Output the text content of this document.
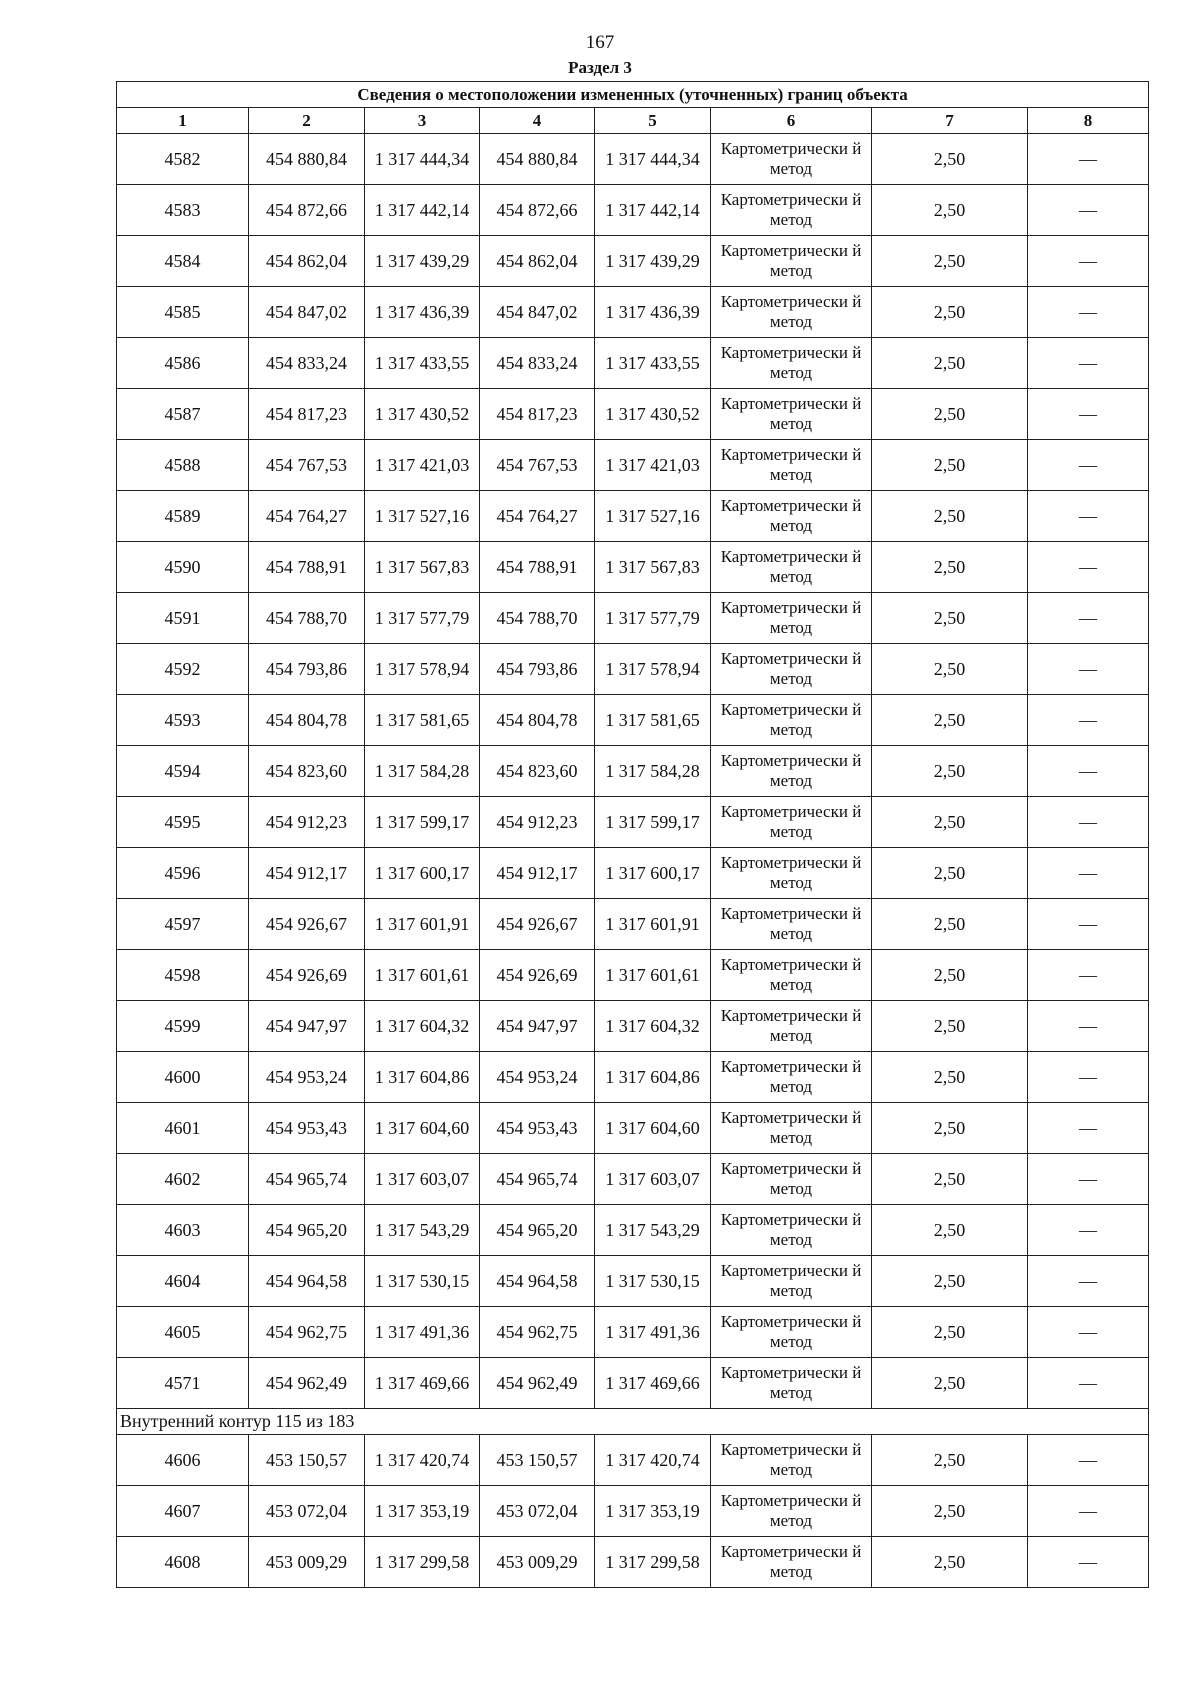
167
Раздел 3
Сведения о местоположении измененных (уточненных) границ объекта							
1	2	3	4	5	6	7	8
4582	454 880,84	1 317 444,34	454 880,84	1 317 444,34	Картометрически й метод	2,50	—
4583	454 872,66	1 317 442,14	454 872,66	1 317 442,14	Картометрически й метод	2,50	—
4584	454 862,04	1 317 439,29	454 862,04	1 317 439,29	Картометрически й метод	2,50	—
4585	454 847,02	1 317 436,39	454 847,02	1 317 436,39	Картометрически й метод	2,50	—
4586	454 833,24	1 317 433,55	454 833,24	1 317 433,55	Картометрически й метод	2,50	—
4587	454 817,23	1 317 430,52	454 817,23	1 317 430,52	Картометрически й метод	2,50	—
4588	454 767,53	1 317 421,03	454 767,53	1 317 421,03	Картометрически й метод	2,50	—
4589	454 764,27	1 317 527,16	454 764,27	1 317 527,16	Картометрически й метод	2,50	—
4590	454 788,91	1 317 567,83	454 788,91	1 317 567,83	Картометрически й метод	2,50	—
4591	454 788,70	1 317 577,79	454 788,70	1 317 577,79	Картометрически й метод	2,50	—
4592	454 793,86	1 317 578,94	454 793,86	1 317 578,94	Картометрически й метод	2,50	—
4593	454 804,78	1 317 581,65	454 804,78	1 317 581,65	Картометрически й метод	2,50	—
4594	454 823,60	1 317 584,28	454 823,60	1 317 584,28	Картометрически й метод	2,50	—
4595	454 912,23	1 317 599,17	454 912,23	1 317 599,17	Картометрически й метод	2,50	—
4596	454 912,17	1 317 600,17	454 912,17	1 317 600,17	Картометрически й метод	2,50	—
4597	454 926,67	1 317 601,91	454 926,67	1 317 601,91	Картометрически й метод	2,50	—
4598	454 926,69	1 317 601,61	454 926,69	1 317 601,61	Картометрически й метод	2,50	—
4599	454 947,97	1 317 604,32	454 947,97	1 317 604,32	Картометрически й метод	2,50	—
4600	454 953,24	1 317 604,86	454 953,24	1 317 604,86	Картометрически й метод	2,50	—
4601	454 953,43	1 317 604,60	454 953,43	1 317 604,60	Картометрически й метод	2,50	—
4602	454 965,74	1 317 603,07	454 965,74	1 317 603,07	Картометрически й метод	2,50	—
4603	454 965,20	1 317 543,29	454 965,20	1 317 543,29	Картометрически й метод	2,50	—
4604	454 964,58	1 317 530,15	454 964,58	1 317 530,15	Картометрически й метод	2,50	—
4605	454 962,75	1 317 491,36	454 962,75	1 317 491,36	Картометрически й метод	2,50	—
4571	454 962,49	1 317 469,66	454 962,49	1 317 469,66	Картометрически й метод	2,50	—
Внутренний контур 115 из 183							
4606	453 150,57	1 317 420,74	453 150,57	1 317 420,74	Картометрически й метод	2,50	—
4607	453 072,04	1 317 353,19	453 072,04	1 317 353,19	Картометрически й метод	2,50	—
4608	453 009,29	1 317 299,58	453 009,29	1 317 299,58	Картометрически й метод	2,50	—
